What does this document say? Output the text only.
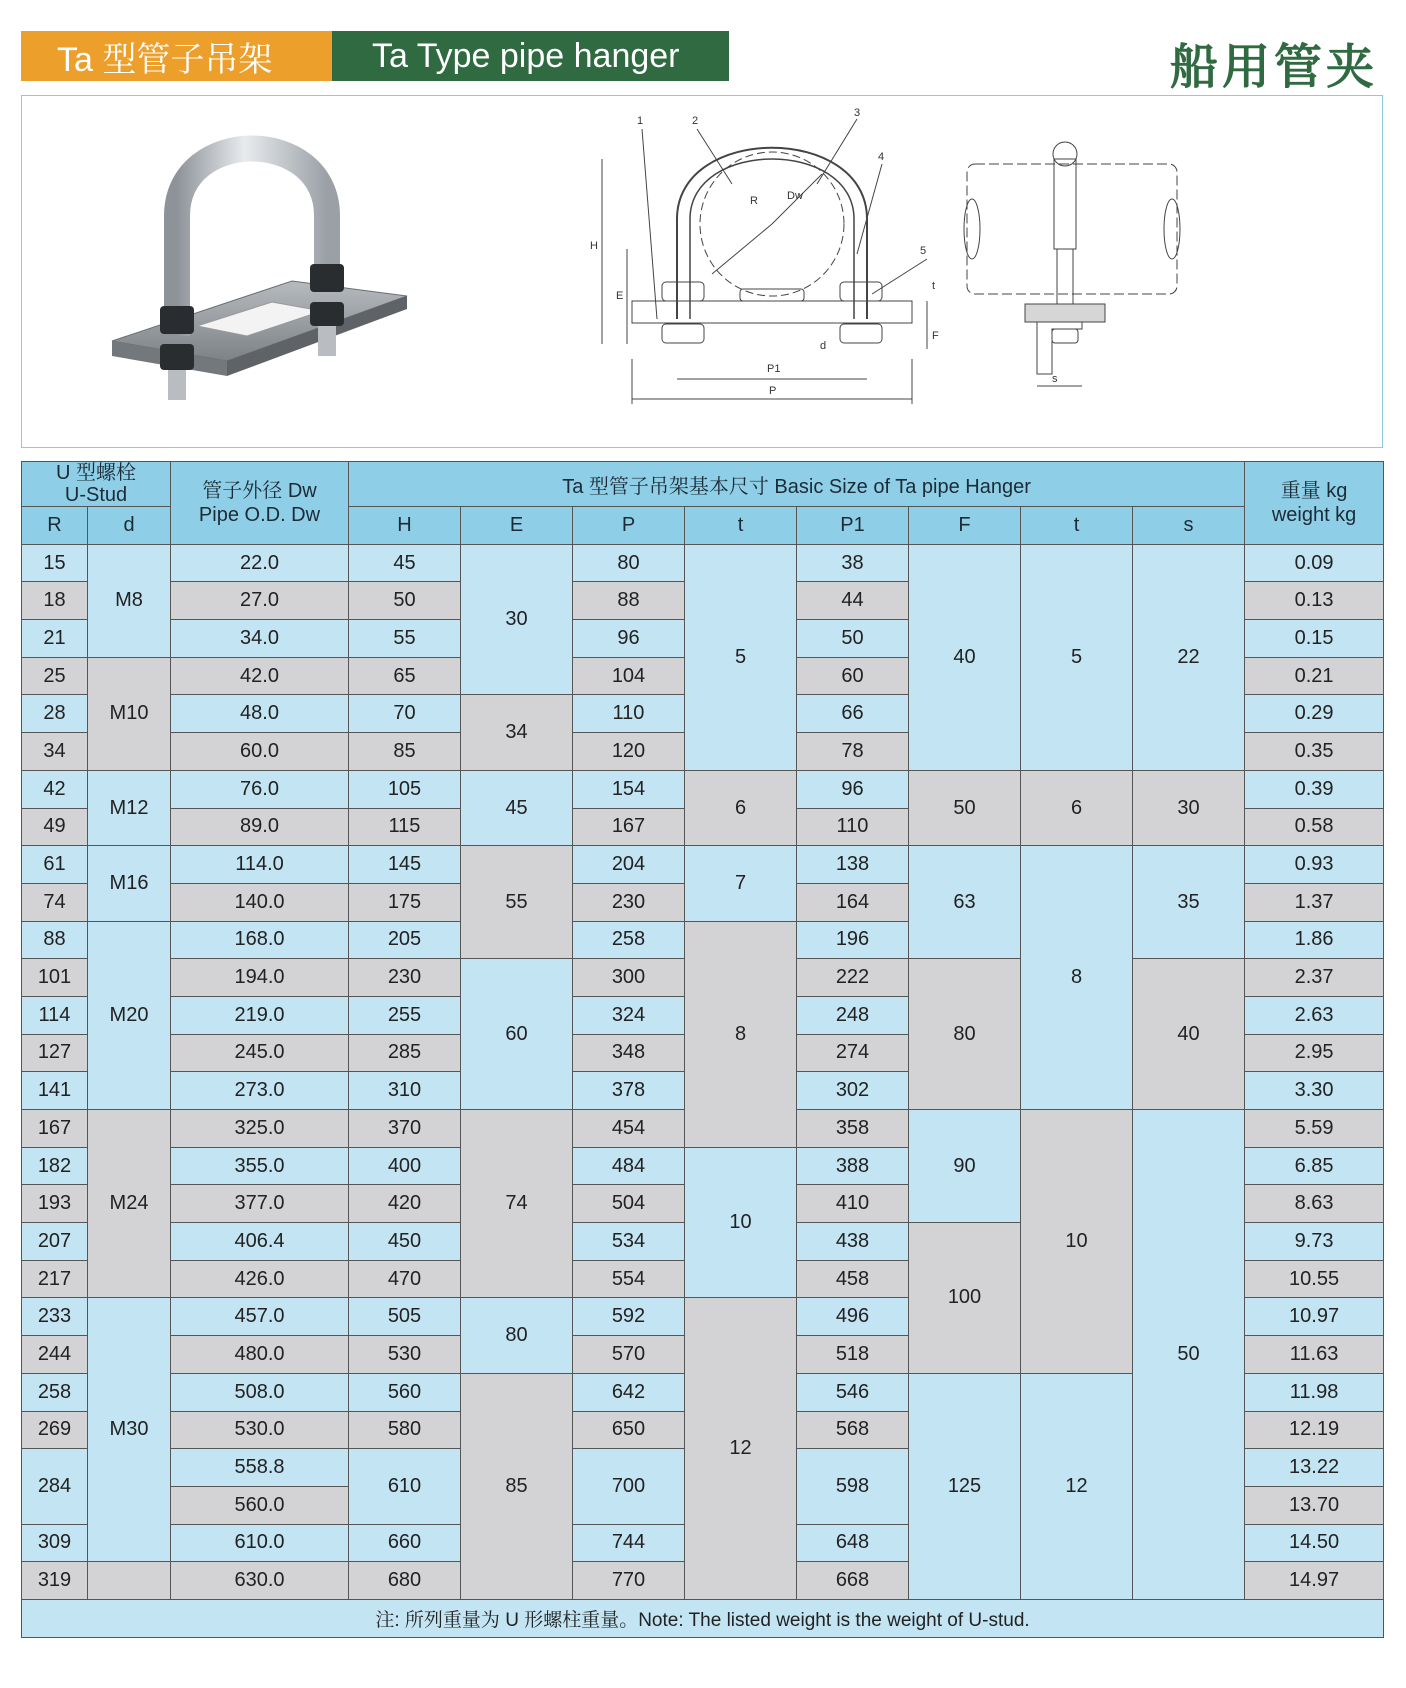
Ta 型管子吊架	Ta Type pipe hanger	船用管夹
1	2
3
4
5
H
E
R	Dw
d
t
F
P1
P
s
U 型螺栓
U-Stud		管子外径 Dw
Pipe O.D. Dw	Ta 型管子吊架基本尺寸 Basic Size of Ta pipe Hanger								重量 kg
weight kg
R	d		H	E	P	t	P1	F	t	s	
15	M8	22.0	45	30	80	5	38	40	5	22	0.09
18		27.0	50		88		44				0.13
21		34.0	55		96		50				0.15
25	M10	42.0	65		104		60				0.21
28		48.0	70	34	110		66				0.29
34		60.0	85		120		78				0.35
42	M12	76.0	105	45	154	6	96	50	6	30	0.39
49		89.0	115		167		110				0.58
61	M16	114.0	145	55	204	7	138	63	8	35	0.93
74		140.0	175		230		164				1.37
88	M20	168.0	205		258	8	196				1.86
101		194.0	230	60	300		222	80		40	2.37
114		219.0	255		324		248				2.63
127		245.0	285		348		274				2.95
141		273.0	310		378		302				3.30
167	M24	325.0	370	74	454		358	90	10	50	5.59
182		355.0	400		484	10	388				6.85
193		377.0	420		504		410				8.63
207		406.4	450		534		438	100			9.73
217		426.0	470		554		458				10.55
233	M30	457.0	505	80	592	12	496				10.97
244		480.0	530		570		518				11.63
258		508.0	560	85	642		546	125	12		11.98
269		530.0	580		650		568				12.19
284		558.8	610		700		598				13.22
		560.0									13.70
309		610.0	660		744		648				14.50
319		630.0	680		770		668				14.97
注: 所列重量为 U 形螺柱重量。Note: The listed weight is the weight of U-stud.											
